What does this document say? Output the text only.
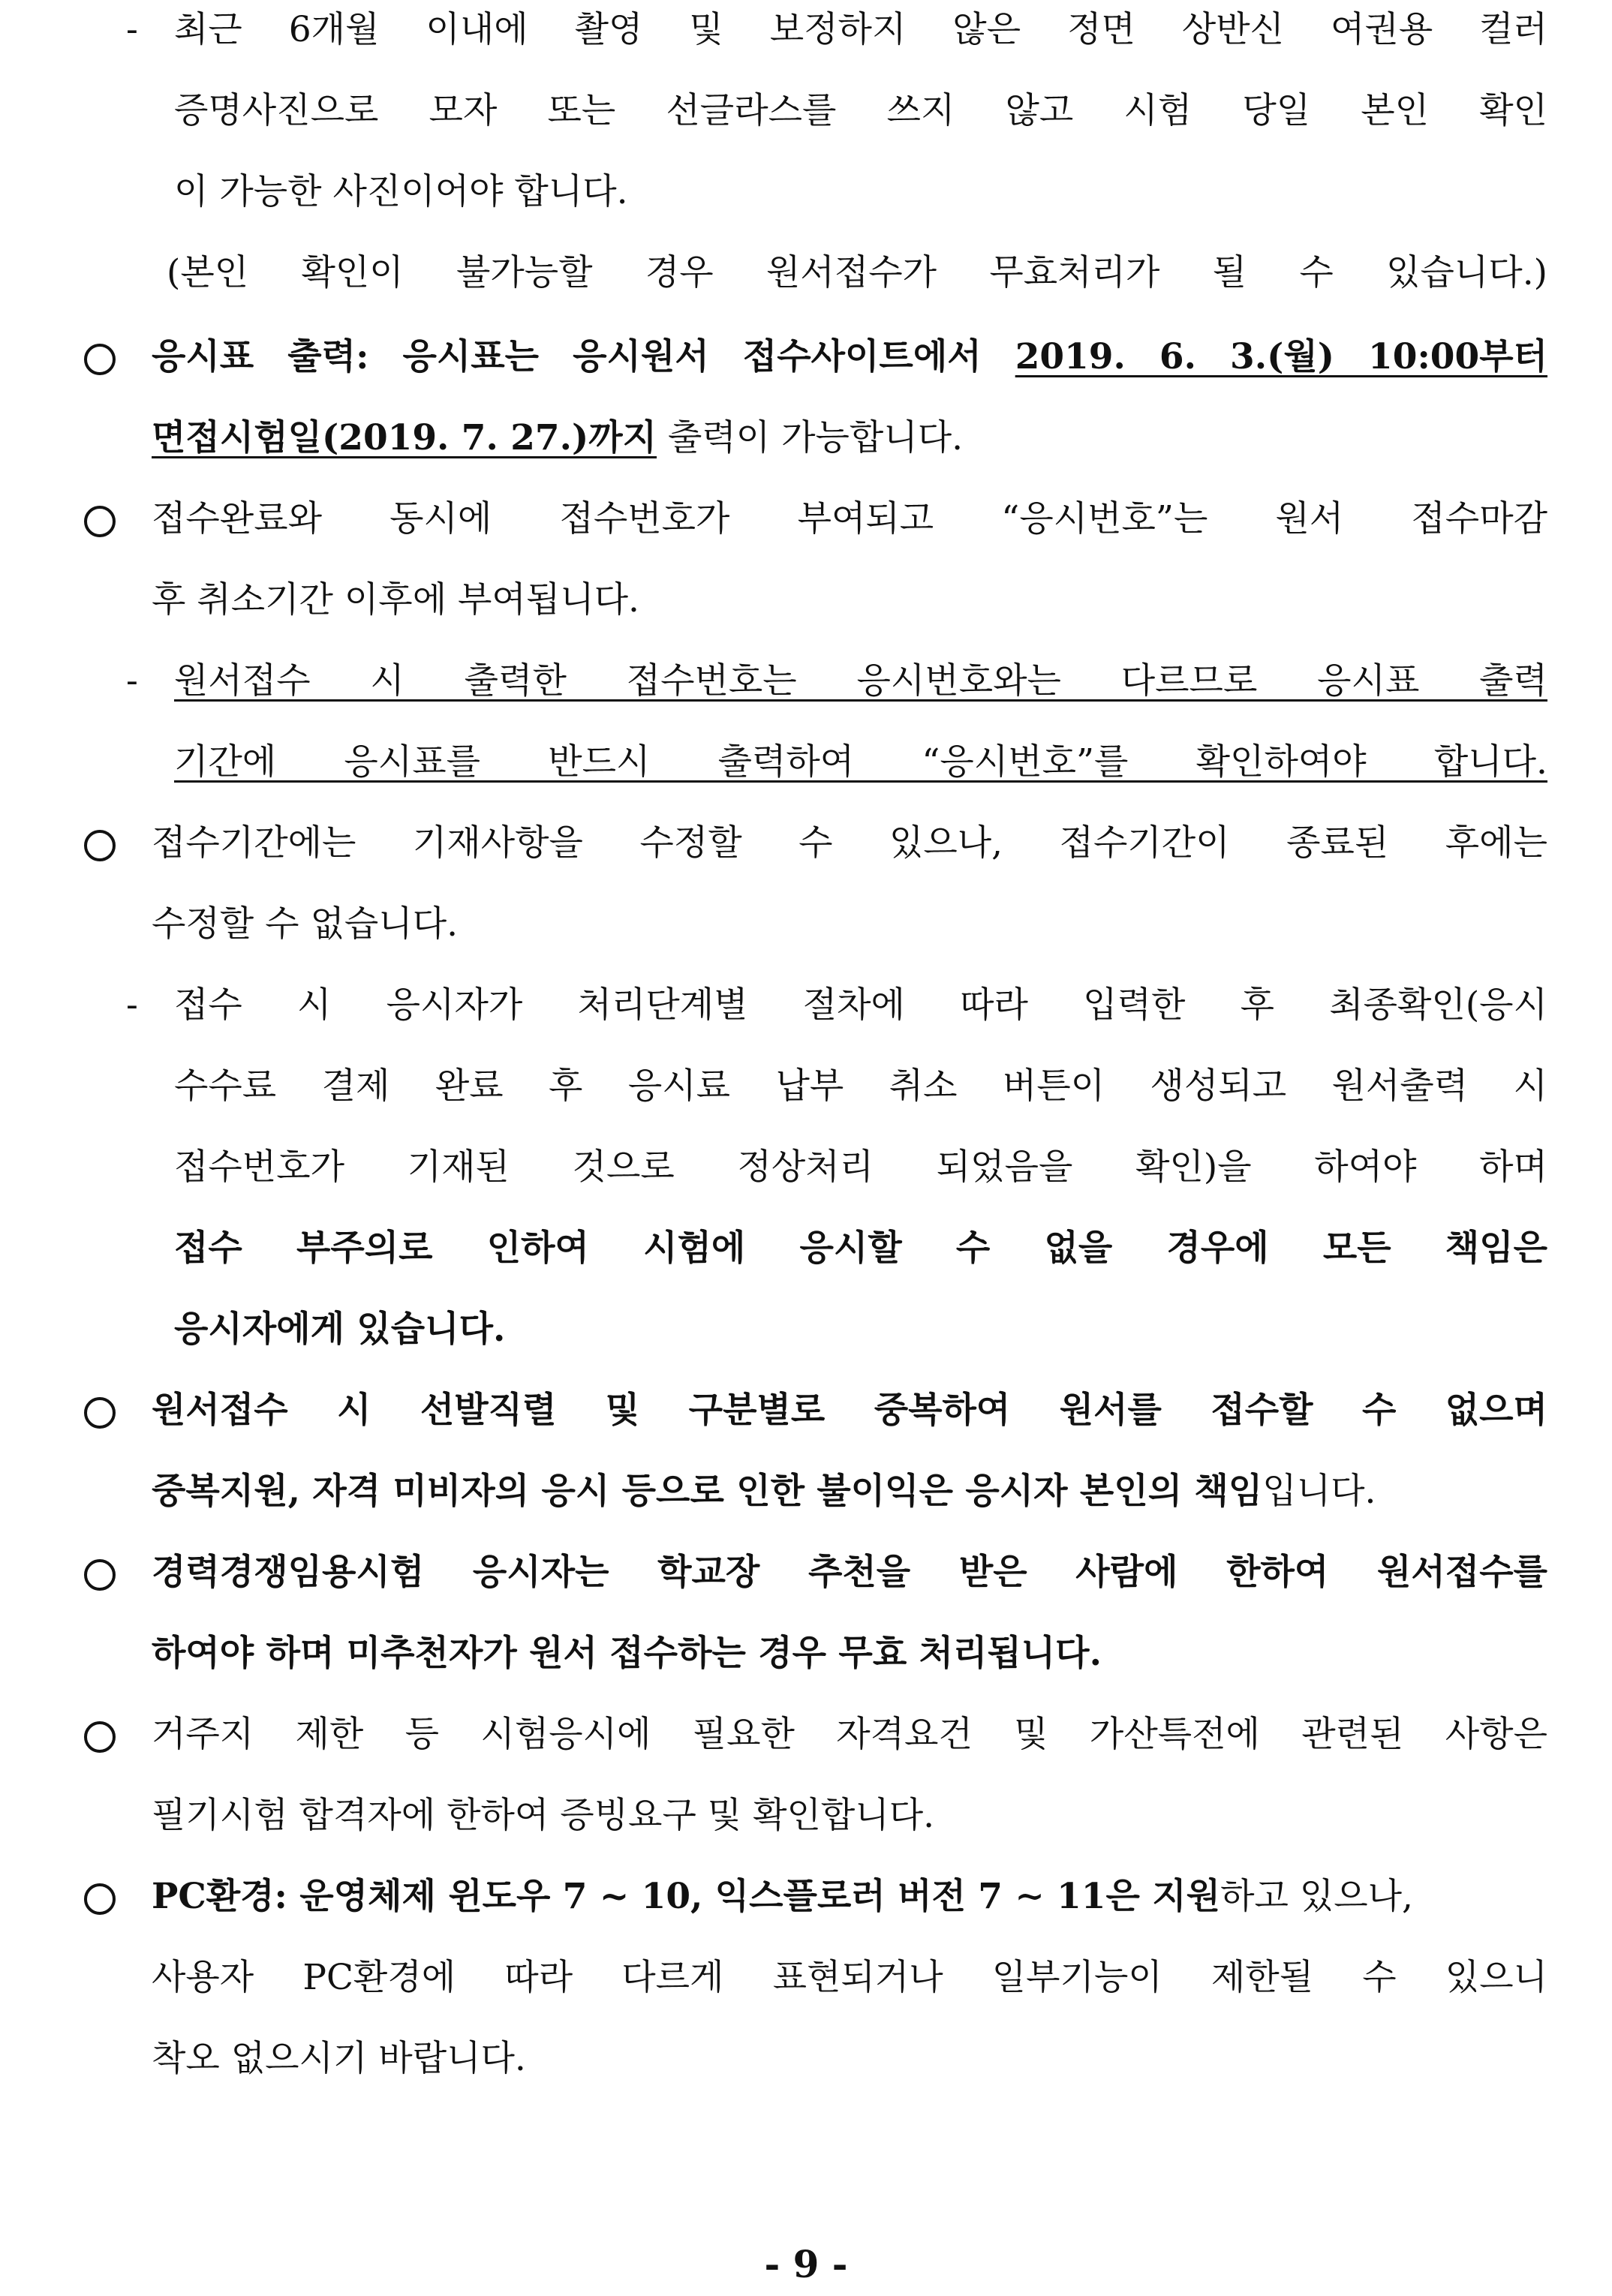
- 최근 6개월 이내에 촬영 및 보정하지 않은 정면 상반신 여권용 컬러
증명사진으로 모자 또는 선글라스를 쓰지 않고 시험 당일 본인 확인
이 가능한 사진이어야 합니다.
(본인 확인이 불가능할 경우 원서접수가 무효처리가 될 수 있습니다.)
응시표 출력: 응시표는 응시원서 접수사이트에서 2019. 6. 3.(월) 10:00부터
면접시험일(2019. 7. 27.)까지 출력이 가능합니다.
접수완료와 동시에 접수번호가 부여되고 “응시번호”는 원서 접수마감
후 취소기간 이후에 부여됩니다.
- 원서접수 시 출력한 접수번호는 응시번호와는 다르므로 응시표 출력
기간에 응시표를 반드시 출력하여 “응시번호”를 확인하여야 합니다.
접수기간에는 기재사항을 수정할 수 있으나, 접수기간이 종료된 후에는
수정할 수 없습니다.
- 접수 시 응시자가 처리단계별 절차에 따라 입력한 후 최종확인(응시
수수료 결제 완료 후 응시료 납부 취소 버튼이 생성되고 원서출력 시
접수번호가 기재된 것으로 정상처리 되었음을 확인)을 하여야 하며
접수 부주의로 인하여 시험에 응시할 수 없을 경우에 모든 책임은
응시자에게 있습니다.
원서접수 시 선발직렬 및 구분별로 중복하여 원서를 접수할 수 없으며
중복지원, 자격 미비자의 응시 등으로 인한 불이익은 응시자 본인의 책임입니다.
경력경쟁임용시험 응시자는 학교장 추천을 받은 사람에 한하여 원서접수를
하여야 하며 미추천자가 원서 접수하는 경우 무효 처리됩니다.
거주지 제한 등 시험응시에 필요한 자격요건 및 가산특전에 관련된 사항은
필기시험 합격자에 한하여 증빙요구 및 확인합니다.
PC환경: 운영체제 윈도우 7 ~ 10, 익스플로러 버전 7 ∼ 11은 지원하고 있으나,
사용자 PC환경에 따라 다르게 표현되거나 일부기능이 제한될 수 있으니
착오 없으시기 바랍니다.
- 9 -
